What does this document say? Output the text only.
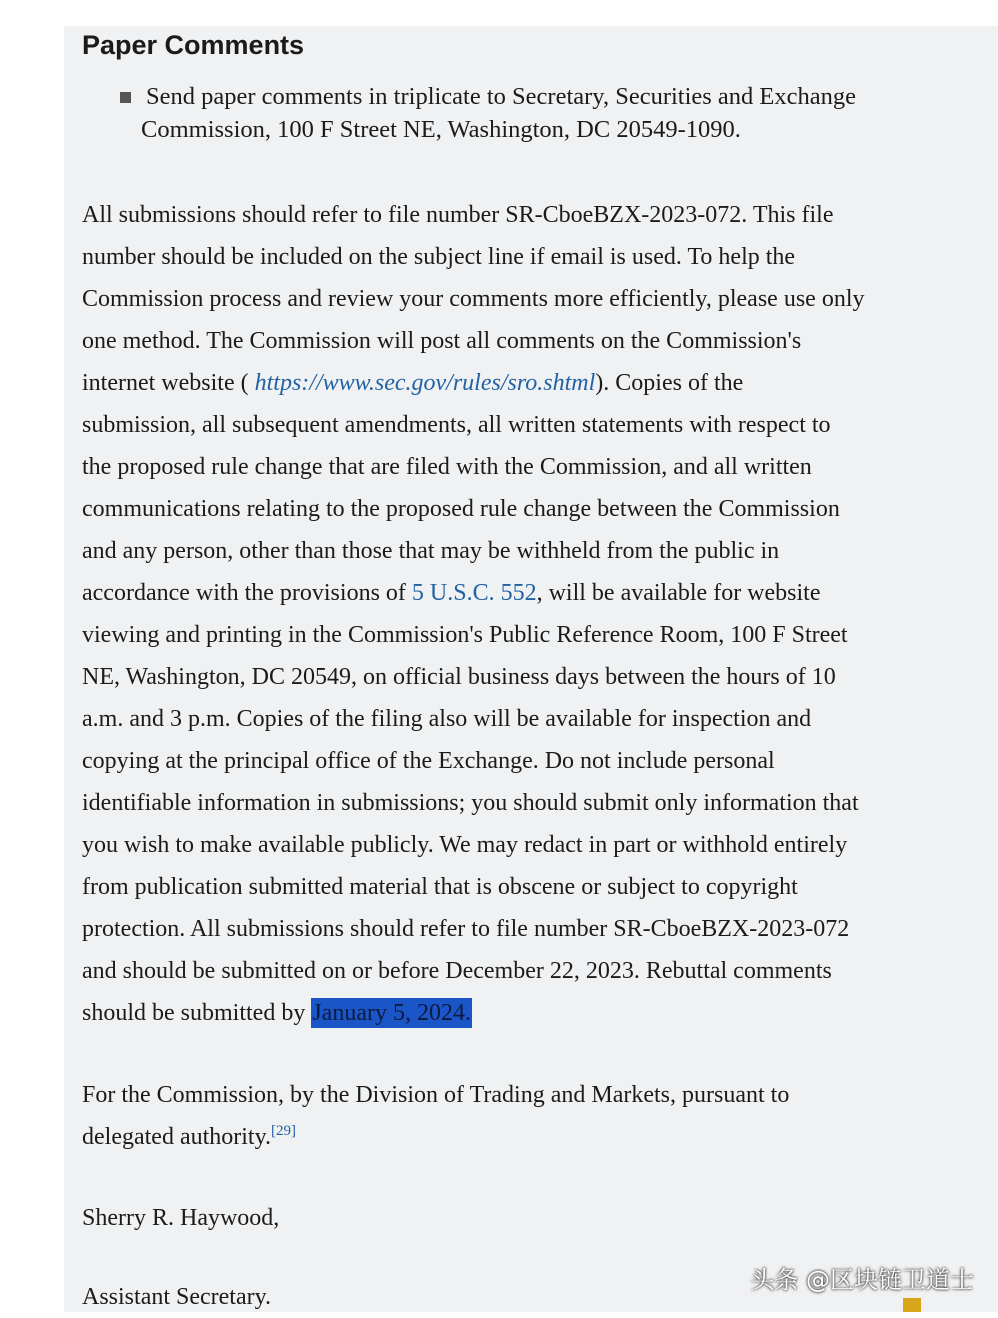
Paper Comments
Send paper comments in triplicate to Secretary, Securities and Exchange
Commission, 100 F Street NE, Washington, DC 20549-1090.
All submissions should refer to file number SR-CboeBZX-2023-072. This file
number should be included on the subject line if email is used. To help the
Commission process and review your comments more efficiently, please use only
one method. The Commission will post all comments on the Commission's
internet website ( https://www.sec.gov/rules/sro.shtml). Copies of the
submission, all subsequent amendments, all written statements with respect to
the proposed rule change that are filed with the Commission, and all written
communications relating to the proposed rule change between the Commission
and any person, other than those that may be withheld from the public in
accordance with the provisions of 5 U.S.C. 552, will be available for website
viewing and printing in the Commission's Public Reference Room, 100 F Street
NE, Washington, DC 20549, on official business days between the hours of 10
a.m. and 3 p.m. Copies of the filing also will be available for inspection and
copying at the principal office of the Exchange. Do not include personal
identifiable information in submissions; you should submit only information that
you wish to make available publicly. We may redact in part or withhold entirely
from publication submitted material that is obscene or subject to copyright
protection. All submissions should refer to file number SR-CboeBZX-2023-072
and should be submitted on or before December 22, 2023. Rebuttal comments
should be submitted by January 5, 2024.
For the Commission, by the Division of Trading and Markets, pursuant to
delegated authority.[29]
Sherry R. Haywood,
Assistant Secretary.
头条 @区块链卫道士
